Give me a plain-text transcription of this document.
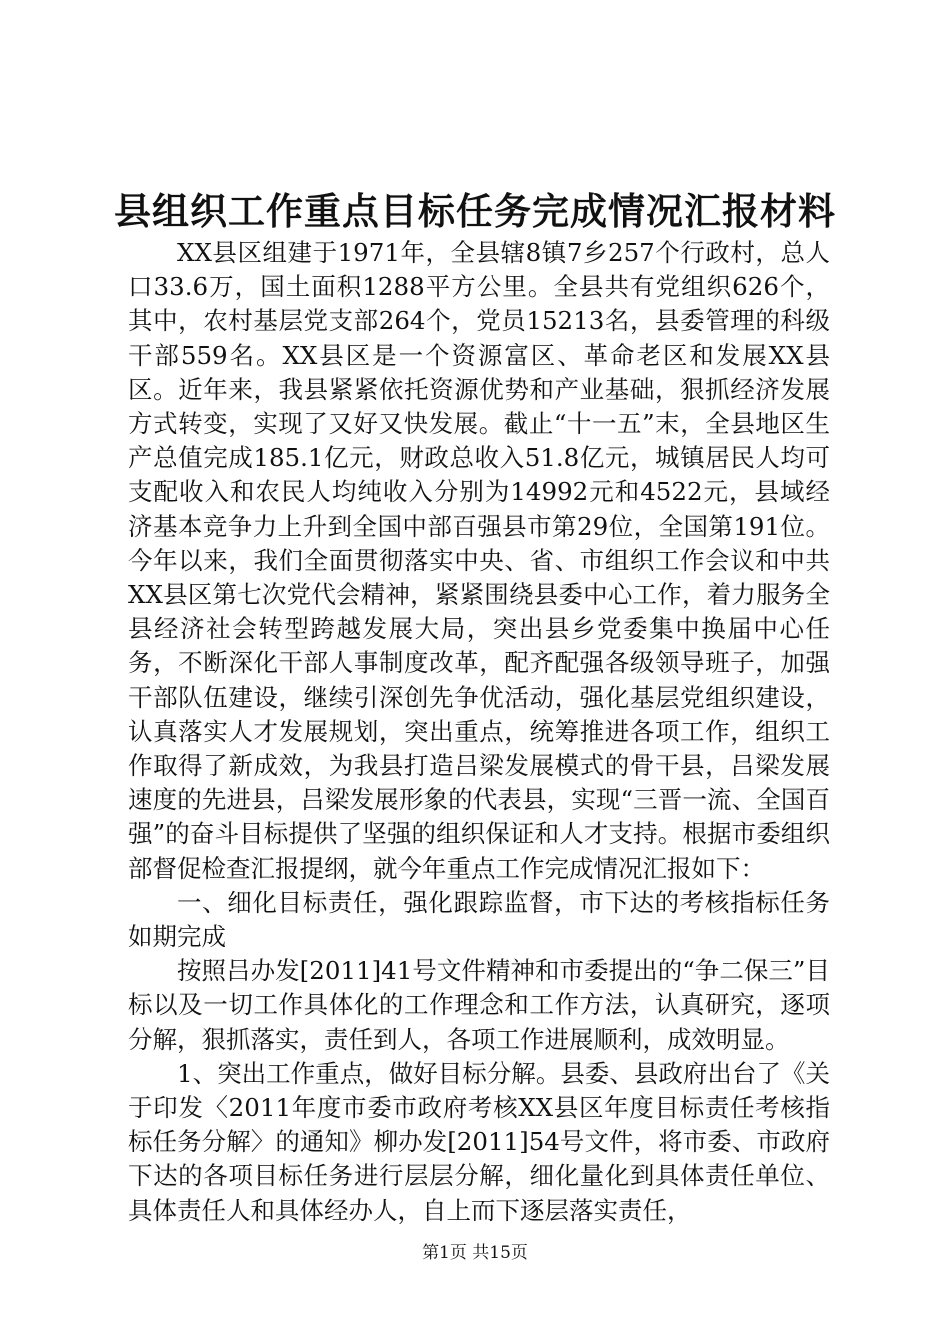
县组织工作重点目标任务完成情况汇报材料

XX县区组建于1971年，全县辖8镇7乡257个行政村，总人口33.6万，国土面积1288平方公里。全县共有党组织626个，其中，农村基层党支部264个，党员15213名，县委管理的科级干部559名。XX县区是一个资源富区、革命老区和发展XX县区。近年来，我县紧紧依托资源优势和产业基础，狠抓经济发展方式转变，实现了又好又快发展。截止“十一五”末，全县地区生产总值完成185.1亿元，财政总收入51.8亿元，城镇居民人均可支配收入和农民人均纯收入分别为14992元和4522元，县域经济基本竞争力上升到全国中部百强县市第29位，全国第191位。今年以来，我们全面贯彻落实中央、省、市组织工作会议和中共XX县区第七次党代会精神，紧紧围绕县委中心工作，着力服务全县经济社会转型跨越发展大局，突出县乡党委集中换届中心任务，不断深化干部人事制度改革，配齐配强各级领导班子，加强干部队伍建设，继续引深创先争优活动，强化基层党组织建设，认真落实人才发展规划，突出重点，统筹推进各项工作，组织工作取得了新成效，为我县打造吕梁发展模式的骨干县，吕梁发展速度的先进县，吕梁发展形象的代表县，实现“三晋一流、全国百强”的奋斗目标提供了坚强的组织保证和人才支持。根据市委组织部督促检查汇报提纲，就今年重点工作完成情况汇报如下：

一、细化目标责任，强化跟踪监督，市下达的考核指标任务如期完成

按照吕办发[2011]41号文件精神和市委提出的“争二保三”目标以及一切工作具体化的工作理念和工作方法，认真研究，逐项分解，狠抓落实，责任到人，各项工作进展顺利，成效明显。

1、突出工作重点，做好目标分解。县委、县政府出台了《关于印发〈2011年度市委市政府考核XX县区年度目标责任考核指标任务分解〉的通知》柳办发[2011]54号文件，将市委、市政府下达的各项目标任务进行层层分解，细化量化到具体责任单位、具体责任人和具体经办人，自上而下逐层落实责任，

第1页 共15页
